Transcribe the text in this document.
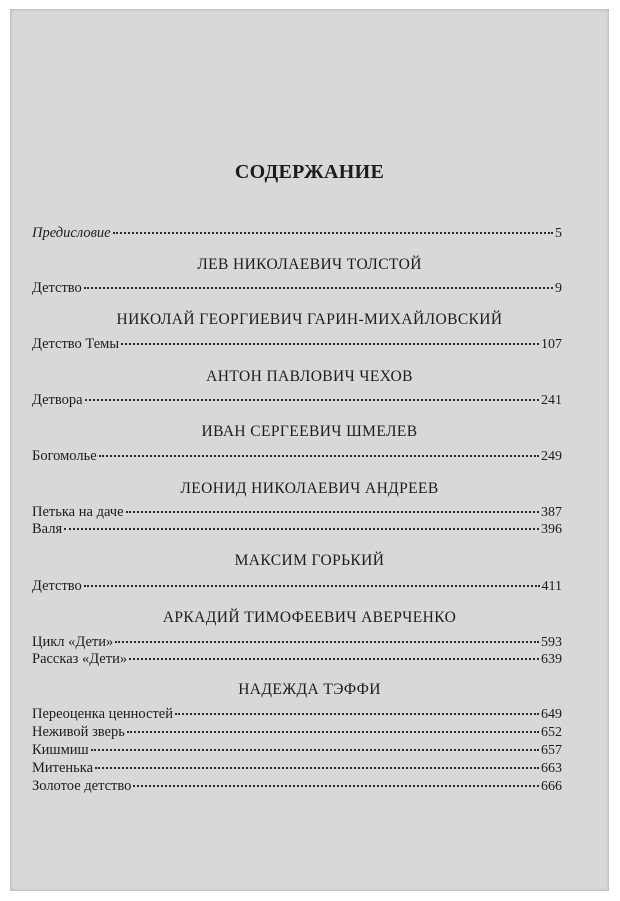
СОДЕРЖАНИЕ
Предисловие	5
ЛЕВ НИКОЛАЕВИЧ ТОЛСТОЙ
Детство	9
НИКОЛАЙ ГЕОРГИЕВИЧ ГАРИН-МИХАЙЛОВСКИЙ
Детство Темы	107
АНТОН ПАВЛОВИЧ ЧЕХОВ
Детвора	241
ИВАН СЕРГЕЕВИЧ ШМЕЛЕВ
Богомолье	249
ЛЕОНИД НИКОЛАЕВИЧ АНДРЕЕВ
Петька на даче	387
Валя	396
МАКСИМ ГОРЬКИЙ
Детство	411
АРКАДИЙ ТИМОФЕЕВИЧ АВЕРЧЕНКО
Цикл «Дети»	593
Рассказ «Дети»	639
НАДЕЖДА ТЭФФИ
Переоценка ценностей	649
Неживой зверь	652
Кишмиш	657
Митенька	663
Золотое детство	666
